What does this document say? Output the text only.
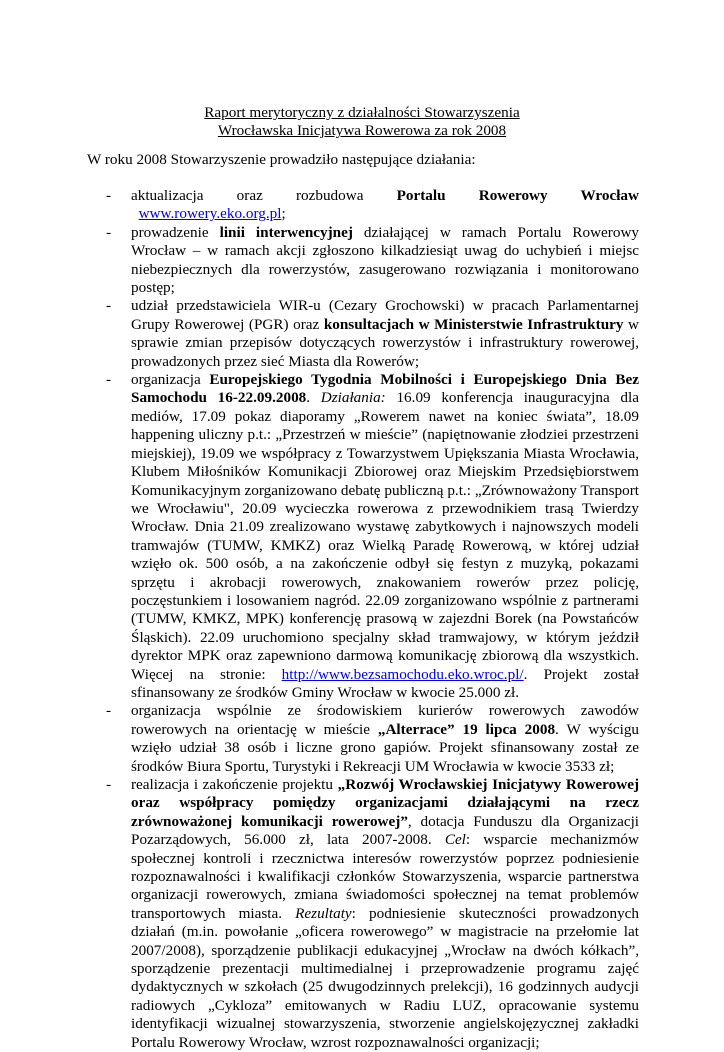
Raport merytoryczny z działalności Stowarzyszenia
Wrocławska Inicjatywa Rowerowa za rok 2008
W roku 2008 Stowarzyszenie prowadziło następujące działania:
- aktualizacja oraz rozbudowa Portalu Rowerowy Wrocław  www.rowery.eko.org.pl;
- prowadzenie linii interwencyjnej działającej w ramach Portalu Rowerowy Wrocław – w ramach akcji zgłoszono kilkadziesiąt uwag do uchybień i miejsc niebezpiecznych dla rowerzystów, zasugerowano rozwiązania i monitorowano postęp;
- udział przedstawiciela WIR-u (Cezary Grochowski) w pracach Parlamentarnej Grupy Rowerowej (PGR) oraz konsultacjach w Ministerstwie Infrastruktury w sprawie zmian przepisów dotyczących rowerzystów i infrastruktury rowerowej, prowadzonych przez sieć Miasta dla Rowerów;
- organizacja Europejskiego Tygodnia Mobilności i Europejskiego Dnia Bez Samochodu 16-22.09.2008. Działania: 16.09 konferencja inauguracyjna dla mediów, 17.09 pokaz diaporamy „Rowerem nawet na koniec świata”, 18.09 happening uliczny p.t.: „Przestrzeń w mieście” (napiętnowanie złodziei przestrzeni miejskiej), 19.09 we współpracy z Towarzystwem Upiększania Miasta Wrocławia, Klubem Miłośników Komunikacji Zbiorowej oraz Miejskim Przedsiębiorstwem Komunikacyjnym zorganizowano debatę publiczną p.t.: „Zrównoważony Transport we Wrocławiu", 20.09 wycieczka rowerowa z przewodnikiem trasą Twierdzy Wrocław. Dnia 21.09 zrealizowano wystawę zabytkowych i najnowszych modeli tramwajów (TUMW, KMKZ) oraz Wielką Paradę Rowerową, w której udział wzięło ok. 500 osób, a na zakończenie odbył się festyn z muzyką, pokazami sprzętu i akrobacji rowerowych, znakowaniem rowerów przez policję, poczęstunkiem i losowaniem nagród. 22.09 zorganizowano wspólnie z partnerami (TUMW, KMKZ, MPK) konferencję prasową w zajezdni Borek (na Powstańców Śląskich). 22.09 uruchomiono specjalny skład tramwajowy, w którym jeździł dyrektor MPK oraz zapewniono darmową komunikację zbiorową dla wszystkich. Więcej na stronie: http://www.bezsamochodu.eko.wroc.pl/. Projekt został sfinansowany ze środków Gminy Wrocław w kwocie 25.000 zł.
- organizacja wspólnie ze środowiskiem kurierów rowerowych zawodów rowerowych na orientację w mieście „Alterrace” 19 lipca 2008. W wyścigu wzięło udział 38 osób i liczne grono gapiów. Projekt sfinansowany został ze środków Biura Sportu, Turystyki i Rekreacji UM Wrocławia w kwocie 3533 zł;
- realizacja i zakończenie projektu „Rozwój Wrocławskiej Inicjatywy Rowerowej oraz współpracy pomiędzy organizacjami działającymi na rzecz zrównoważonej komunikacji rowerowej”, dotacja Funduszu dla Organizacji Pozarządowych, 56.000 zł, lata 2007-2008. Cel: wsparcie mechanizmów społecznej kontroli i rzecznictwa interesów rowerzystów poprzez podniesienie rozpoznawalności i kwalifikacji członków Stowarzyszenia, wsparcie partnerstwa organizacji rowerowych, zmiana świadomości społecznej na temat problemów transportowych miasta. Rezultaty: podniesienie skuteczności prowadzonych działań (m.in. powołanie „oficera rowerowego” w magistracie na przełomie lat 2007/2008), sporządzenie publikacji edukacyjnej „Wrocław na dwóch kółkach”, sporządzenie prezentacji multimedialnej i przeprowadzenie programu zajęć dydaktycznych w szkołach (25 dwugodzinnych prelekcji), 16 godzinnych audycji radiowych „Cykloza” emitowanych w Radiu LUZ, opracowanie systemu identyfikacji wizualnej stowarzyszenia, stworzenie angielskojęzycznej zakładki Portalu Rowerowy Wrocław, wzrost rozpoznawalności organizacji;
